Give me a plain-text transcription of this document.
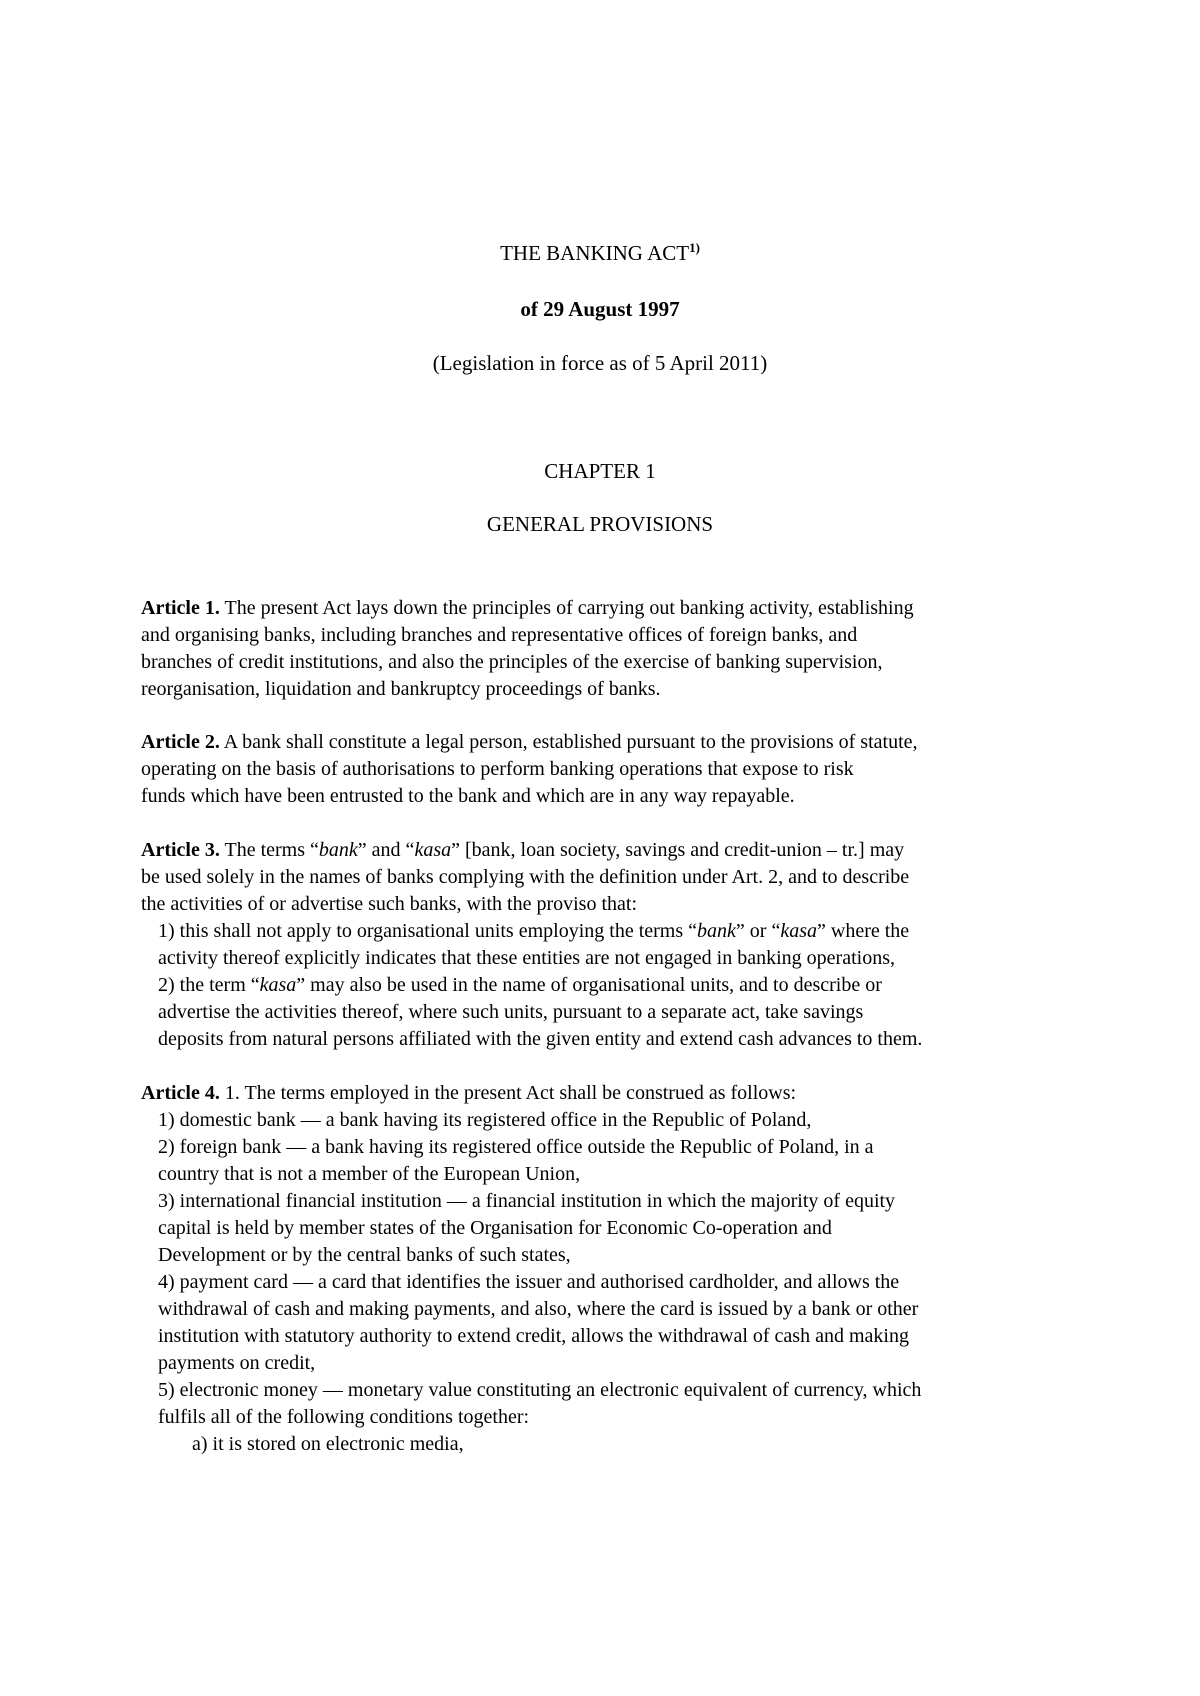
THE BANKING ACT$^{1)}$
of 29 August 1997
(Legislation in force as of 5 April 2011)
CHAPTER 1
GENERAL PROVISIONS
Article 1. The present Act lays down the principles of carrying out banking activity, establishing
and organising banks, including branches and representative offices of foreign banks, and
branches of credit institutions, and also the principles of the exercise of banking supervision,
reorganisation, liquidation and bankruptcy proceedings of banks.
Article 2. A bank shall constitute a legal person, established pursuant to the provisions of statute,
operating on the basis of authorisations to perform banking operations that expose to risk
funds which have been entrusted to the bank and which are in any way repayable.
Article 3. The terms “bank” and “kasa” [bank, loan society, savings and credit-union – tr.] may
be used solely in the names of banks complying with the definition under Art. 2, and to describe
the activities of or advertise such banks, with the proviso that:
1) this shall not apply to organisational units employing the terms “bank” or “kasa” where the
activity thereof explicitly indicates that these entities are not engaged in banking operations,
2) the term “kasa” may also be used in the name of organisational units, and to describe or
advertise the activities thereof, where such units, pursuant to a separate act, take savings
deposits from natural persons affiliated with the given entity and extend cash advances to them.
Article 4. 1. The terms employed in the present Act shall be construed as follows:
1) domestic bank — a bank having its registered office in the Republic of Poland,
2) foreign bank — a bank having its registered office outside the Republic of Poland, in a
country that is not a member of the European Union,
3) international financial institution — a financial institution in which the majority of equity
capital is held by member states of the Organisation for Economic Co-operation and
Development or by the central banks of such states,
4) payment card — a card that identifies the issuer and authorised cardholder, and allows the
withdrawal of cash and making payments, and also, where the card is issued by a bank or other
institution with statutory authority to extend credit, allows the withdrawal of cash and making
payments on credit,
5) electronic money — monetary value constituting an electronic equivalent of currency, which
fulfils all of the following conditions together:
a) it is stored on electronic media,
